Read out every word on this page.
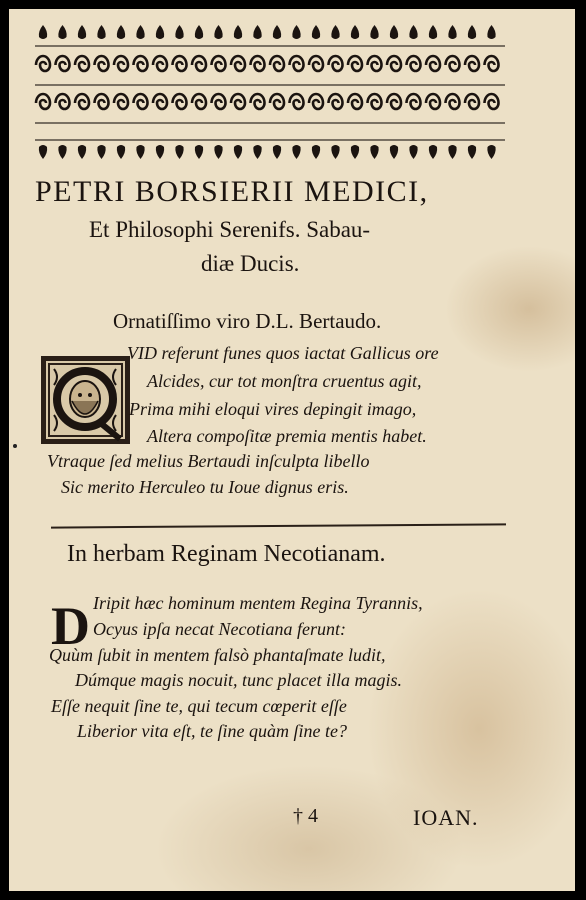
PETRI BORSIERII MEDICI,
Et Philosophi Serenifs. Sabau-
diæ Ducis.
Ornatiſſimo viro D.L. Bertaudo.
VID referunt funes quos iactat Gallicus ore
Alcides, cur tot monſtra cruentus agit,
Prima mihi eloqui vires depingit imago,
Altera compoſitæ premia mentis habet.
Vtraque ſed melius Bertaudi inſculpta libello
Sic merito Herculeo tu Ioue dignus eris.
In herbam Reginam Necotianam.
D Iripit hæc hominum mentem Regina Tyrannis,
Ocyus ipſa necat Necotiana ferunt:
Quùm ſubit in mentem falsò phantaſmate ludit,
Dúmque magis nocuit, tunc placet illa magis.
Eſſe nequit ſine te, qui tecum cœperit eſſe
Liberior vita eſt, te ſine quàm ſine te?
† 4	IOAN.
